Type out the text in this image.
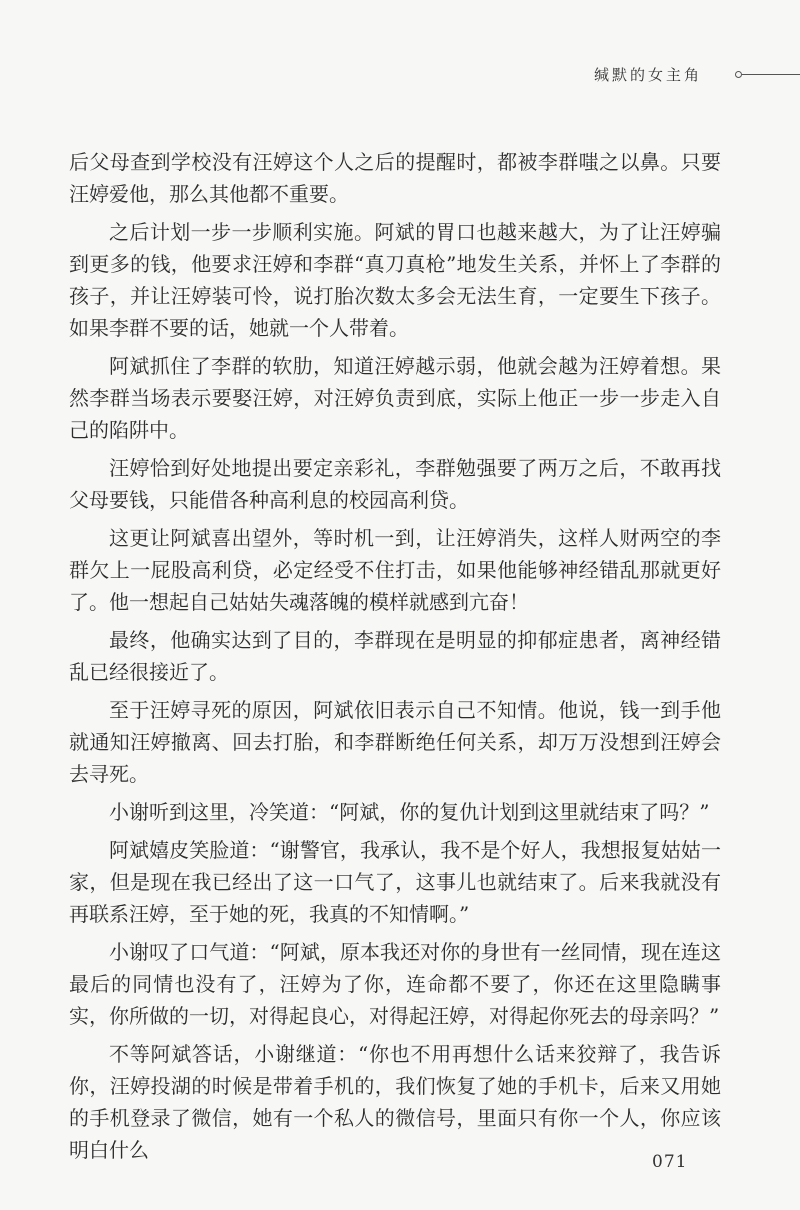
缄默的女主角

后父母查到学校没有汪婷这个人之后的提醒时，都被李群嗤之以鼻。只要汪婷爱他，那么其他都不重要。

之后计划一步一步顺利实施。阿斌的胃口也越来越大，为了让汪婷骗到更多的钱，他要求汪婷和李群“真刀真枪”地发生关系，并怀上了李群的孩子，并让汪婷装可怜，说打胎次数太多会无法生育，一定要生下孩子。如果李群不要的话，她就一个人带着。

阿斌抓住了李群的软肋，知道汪婷越示弱，他就会越为汪婷着想。果然李群当场表示要娶汪婷，对汪婷负责到底，实际上他正一步一步走入自己的陷阱中。

汪婷恰到好处地提出要定亲彩礼，李群勉强要了两万之后，不敢再找父母要钱，只能借各种高利息的校园高利贷。

这更让阿斌喜出望外，等时机一到，让汪婷消失，这样人财两空的李群欠上一屁股高利贷，必定经受不住打击，如果他能够神经错乱那就更好了。他一想起自己姑姑失魂落魄的模样就感到亢奋！

最终，他确实达到了目的，李群现在是明显的抑郁症患者，离神经错乱已经很接近了。

至于汪婷寻死的原因，阿斌依旧表示自己不知情。他说，钱一到手他就通知汪婷撤离、回去打胎，和李群断绝任何关系，却万万没想到汪婷会去寻死。

小谢听到这里，冷笑道：“阿斌，你的复仇计划到这里就结束了吗？”

阿斌嬉皮笑脸道：“谢警官，我承认，我不是个好人，我想报复姑姑一家，但是现在我已经出了这一口气了，这事儿也就结束了。后来我就没有再联系汪婷，至于她的死，我真的不知情啊。”

小谢叹了口气道：“阿斌，原本我还对你的身世有一丝同情，现在连这最后的同情也没有了，汪婷为了你，连命都不要了，你还在这里隐瞒事实，你所做的一切，对得起良心，对得起汪婷，对得起你死去的母亲吗？”

不等阿斌答话，小谢继道：“你也不用再想什么话来狡辩了，我告诉你，汪婷投湖的时候是带着手机的，我们恢复了她的手机卡，后来又用她的手机登录了微信，她有一个私人的微信号，里面只有你一个人，你应该明白什么	071
